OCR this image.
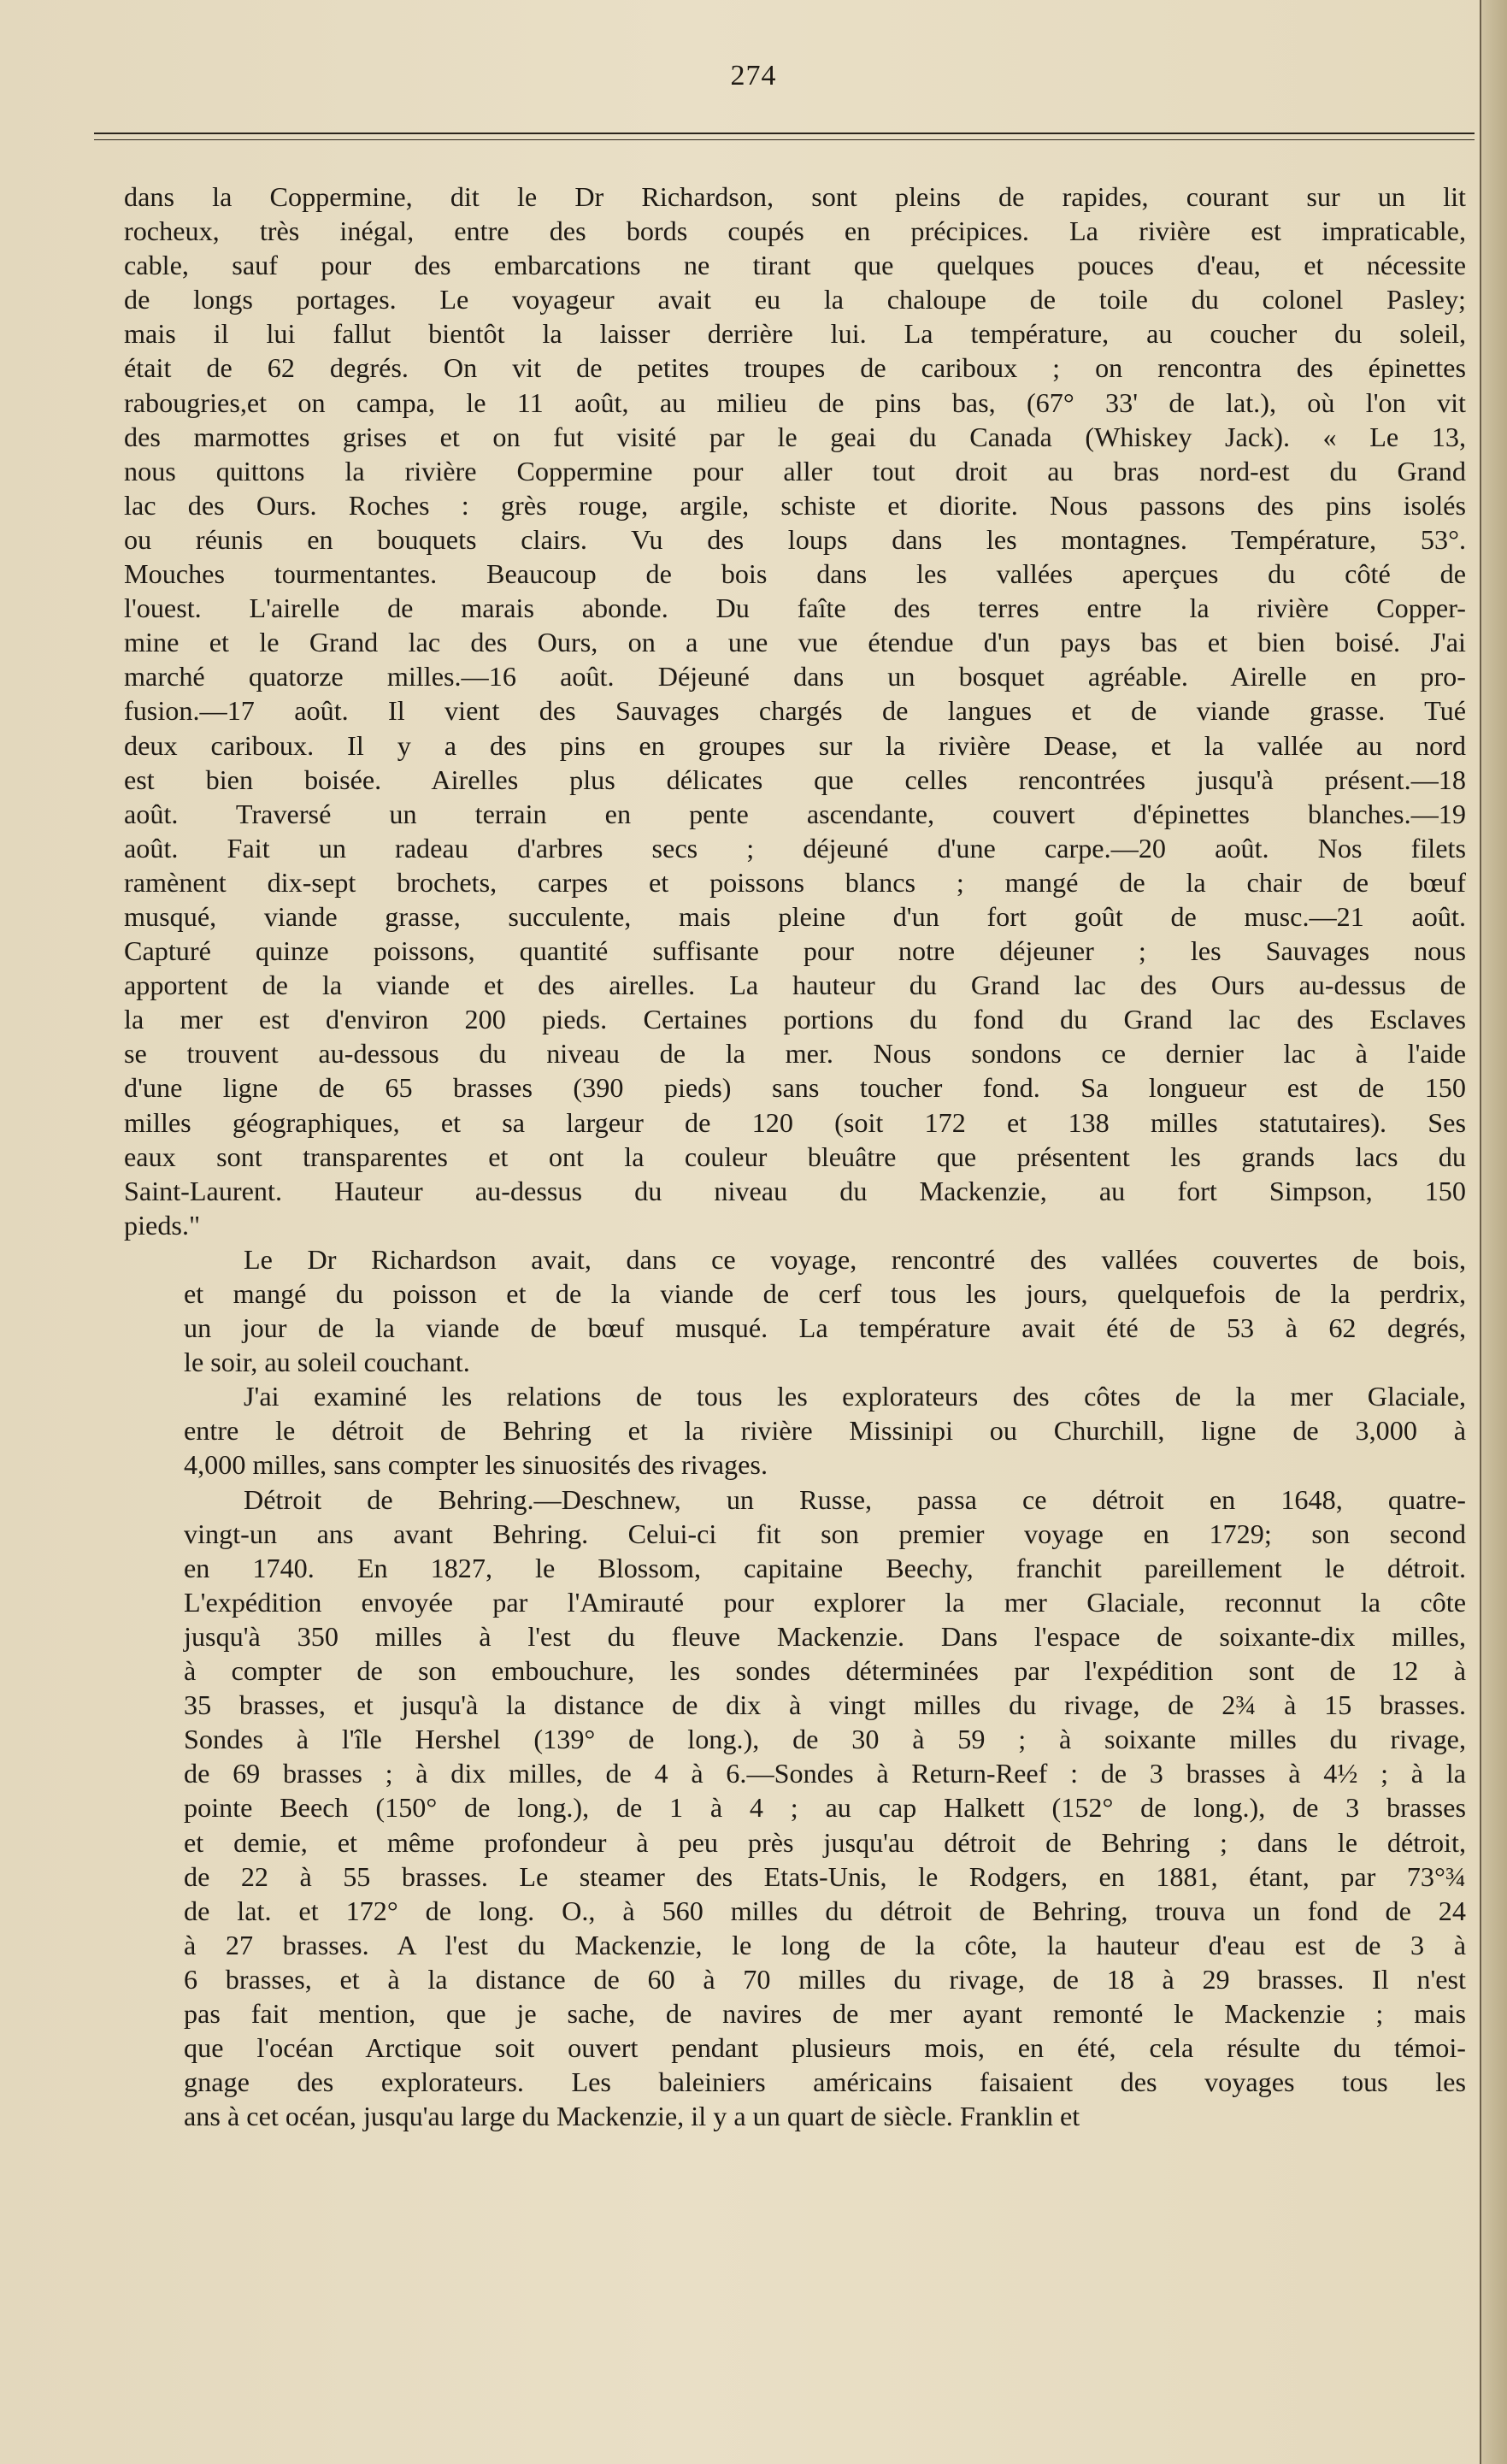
274

dans la Coppermine, dit le Dr Richardson, sont pleins de rapides, courant sur un lit
rocheux, très inégal, entre des bords coupés en précipices. La rivière est impraticable,
cable, sauf pour des embarcations ne tirant que quelques pouces d'eau, et nécessite
de longs portages. Le voyageur avait eu la chaloupe de toile du colonel Pasley;
mais il lui fallut bientôt la laisser derrière lui. La température, au coucher du soleil,
était de 62 degrés. On vit de petites troupes de cariboux ; on rencontra des épinettes
rabougries,et on campa, le 11 août, au milieu de pins bas, (67° 33' de lat.), où l'on vit
des marmottes grises et on fut visité par le geai du Canada (Whiskey Jack). « Le 13,
nous quittons la rivière Coppermine pour aller tout droit au bras nord-est du Grand
lac des Ours. Roches : grès rouge, argile, schiste et diorite. Nous passons des pins isolés
ou réunis en bouquets clairs. Vu des loups dans les montagnes. Température, 53°.
Mouches tourmentantes. Beaucoup de bois dans les vallées aperçues du côté de
l'ouest. L'airelle de marais abonde. Du faîte des terres entre la rivière Copper-
mine et le Grand lac des Ours, on a une vue étendue d'un pays bas et bien boisé. J'ai
marché quatorze milles.—16 août. Déjeuné dans un bosquet agréable. Airelle en pro-
fusion.—17 août. Il vient des Sauvages chargés de langues et de viande grasse. Tué
deux cariboux. Il y a des pins en groupes sur la rivière Dease, et la vallée au nord
est bien boisée. Airelles plus délicates que celles rencontrées jusqu'à présent.—18
août. Traversé un terrain en pente ascendante, couvert d'épinettes blanches.—19
août. Fait un radeau d'arbres secs ; déjeuné d'une carpe.—20 août. Nos filets
ramènent dix-sept brochets, carpes et poissons blancs ; mangé de la chair de bœuf
musqué, viande grasse, succulente, mais pleine d'un fort goût de musc.—21 août.
Capturé quinze poissons, quantité suffisante pour notre déjeuner ; les Sauvages nous
apportent de la viande et des airelles. La hauteur du Grand lac des Ours au-dessus de
la mer est d'environ 200 pieds. Certaines portions du fond du Grand lac des Esclaves
se trouvent au-dessous du niveau de la mer. Nous sondons ce dernier lac à l'aide
d'une ligne de 65 brasses (390 pieds) sans toucher fond. Sa longueur est de 150
milles géographiques, et sa largeur de 120 (soit 172 et 138 milles statutaires). Ses
eaux sont transparentes et ont la couleur bleuâtre que présentent les grands lacs du
Saint-Laurent. Hauteur au-dessus du niveau du Mackenzie, au fort Simpson, 150
pieds."

Le Dr Richardson avait, dans ce voyage, rencontré des vallées couvertes de bois,
et mangé du poisson et de la viande de cerf tous les jours, quelquefois de la perdrix,
un jour de la viande de bœuf musqué. La température avait été de 53 à 62 degrés,
le soir, au soleil couchant.

J'ai examiné les relations de tous les explorateurs des côtes de la mer Glaciale,
entre le détroit de Behring et la rivière Missinipi ou Churchill, ligne de 3,000 à
4,000 milles, sans compter les sinuosités des rivages.

Détroit de Behring.—Deschnew, un Russe, passa ce détroit en 1648, quatre-
vingt-un ans avant Behring. Celui-ci fit son premier voyage en 1729; son second
en 1740. En 1827, le Blossom, capitaine Beechy, franchit pareillement le détroit.
L'expédition envoyée par l'Amirauté pour explorer la mer Glaciale, reconnut la côte
jusqu'à 350 milles à l'est du fleuve Mackenzie. Dans l'espace de soixante-dix milles,
à compter de son embouchure, les sondes déterminées par l'expédition sont de 12 à
35 brasses, et jusqu'à la distance de dix à vingt milles du rivage, de 2¾ à 15 brasses.
Sondes à l'île Hershel (139° de long.), de 30 à 59 ; à soixante milles du rivage,
de 69 brasses ; à dix milles, de 4 à 6.—Sondes à Return-Reef : de 3 brasses à 4½ ; à la
pointe Beech (150° de long.), de 1 à 4 ; au cap Halkett (152° de long.), de 3 brasses
et demie, et même profondeur à peu près jusqu'au détroit de Behring ; dans le détroit,
de 22 à 55 brasses. Le steamer des Etats-Unis, le Rodgers, en 1881, étant, par 73°¾
de lat. et 172° de long. O., à 560 milles du détroit de Behring, trouva un fond de 24
à 27 brasses. A l'est du Mackenzie, le long de la côte, la hauteur d'eau est de 3 à
6 brasses, et à la distance de 60 à 70 milles du rivage, de 18 à 29 brasses. Il n'est
pas fait mention, que je sache, de navires de mer ayant remonté le Mackenzie ; mais
que l'océan Arctique soit ouvert pendant plusieurs mois, en été, cela résulte du témoi-
gnage des explorateurs. Les baleiniers américains faisaient des voyages tous les
ans à cet océan, jusqu'au large du Mackenzie, il y a un quart de siècle. Franklin et
